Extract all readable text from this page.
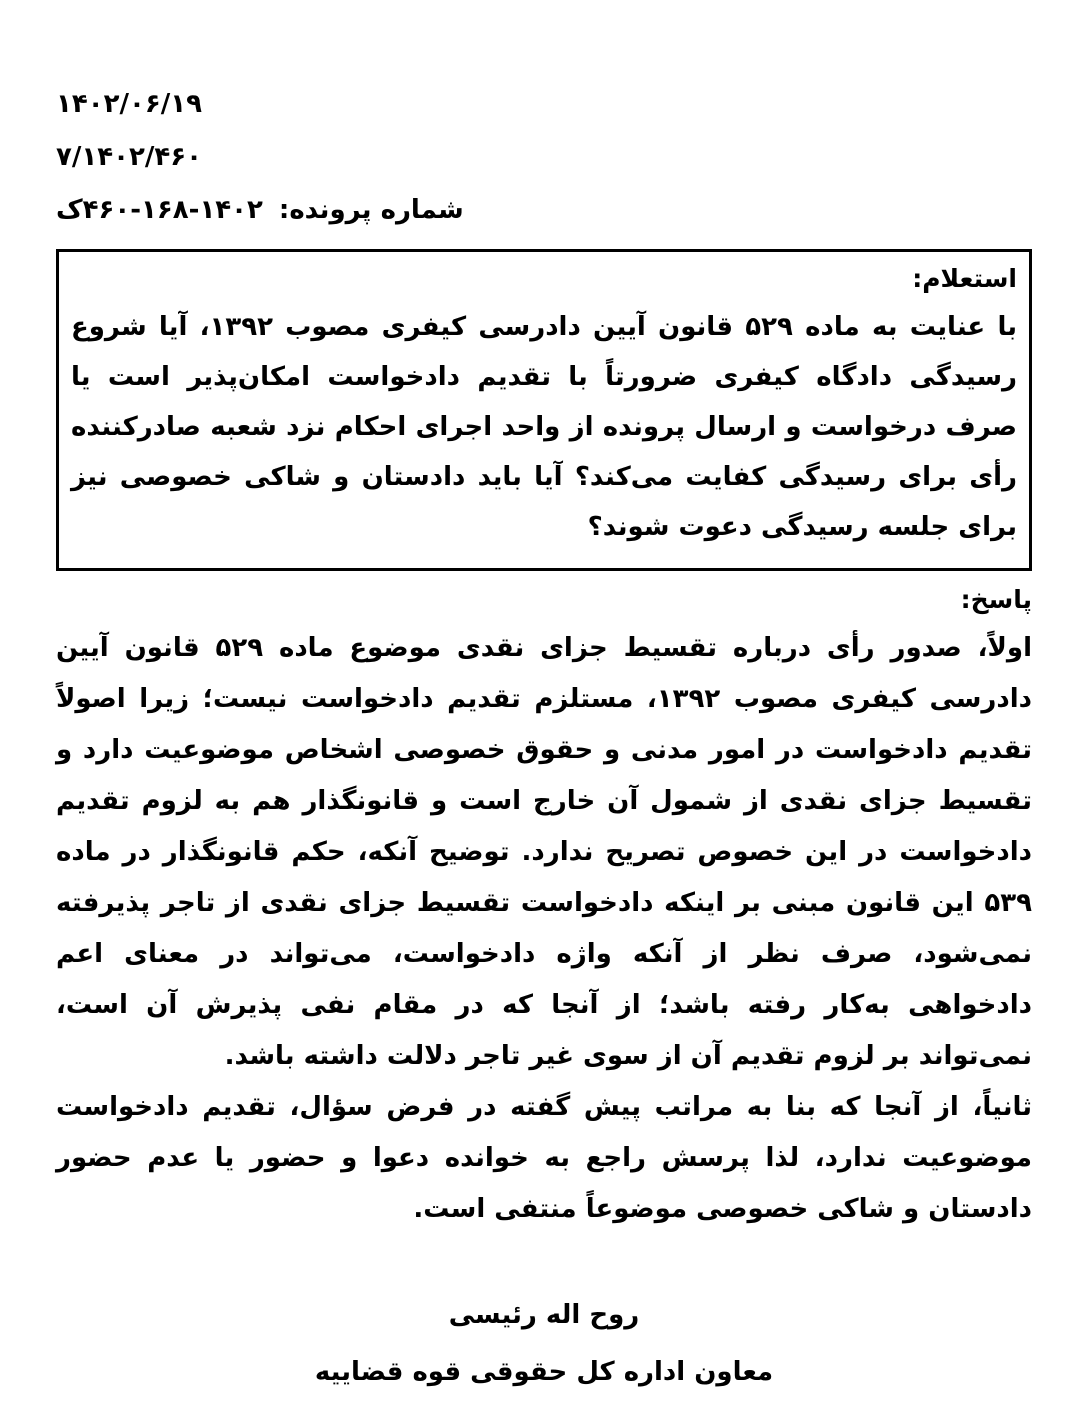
۱۴۰۲/۰۶/۱۹
۷/۱۴۰۲/۴۶۰
شماره پرونده:۱۴۰۲-۱۶۸-۴۶۰ک
استعلام:

با عنایت به ماده ۵۲۹ قانون آیین دادرسی کیفری مصوب ۱۳۹۲، آیا شروع رسیدگی دادگاه کیفری ضرورتاً با تقدیم دادخواست امکان‌پذیر است یا صرف درخواست و ارسال پرونده از واحد اجرای احکام نزد شعبه صادرکننده رأی برای رسیدگی کفایت می‌کند؟ آیا باید دادستان و شاکی خصوصی نیز برای جلسه رسیدگی دعوت شوند؟

پاسخ:

اولاً، صدور رأی درباره تقسیط جزای نقدی موضوع ماده ۵۲۹ قانون آیین دادرسی کیفری مصوب ۱۳۹۲، مستلزم تقدیم دادخواست نیست؛ زیرا اصولاً تقدیم دادخواست در امور مدنی و حقوق خصوصی اشخاص موضوعیت دارد و تقسیط جزای نقدی از شمول آن خارج است و قانونگذار هم به لزوم تقدیم دادخواست در این خصوص تصریح ندارد. توضیح آنکه، حکم قانونگذار در ماده ۵۳۹ این قانون مبنی بر اینکه دادخواست تقسیط جزای نقدی از تاجر پذیرفته نمی‌شود، صرف نظر از آنکه واژه دادخواست، می‌تواند در معنای اعم دادخواهی به‌کار رفته باشد؛ از آنجا که در مقام نفی پذیرش آن است، نمی‌تواند بر لزوم تقدیم آن از سوی غیر تاجر دلالت داشته باشد.

ثانیاً، از آنجا که بنا به مراتب پیش گفته در فرض سؤال، تقدیم دادخواست موضوعیت ندارد، لذا پرسش راجع به خوانده دعوا و حضور یا عدم حضور دادستان و شاکی خصوصی موضوعاً منتفی است.

روح اله رئیسی
معاون اداره کل حقوقی قوه قضاییه
